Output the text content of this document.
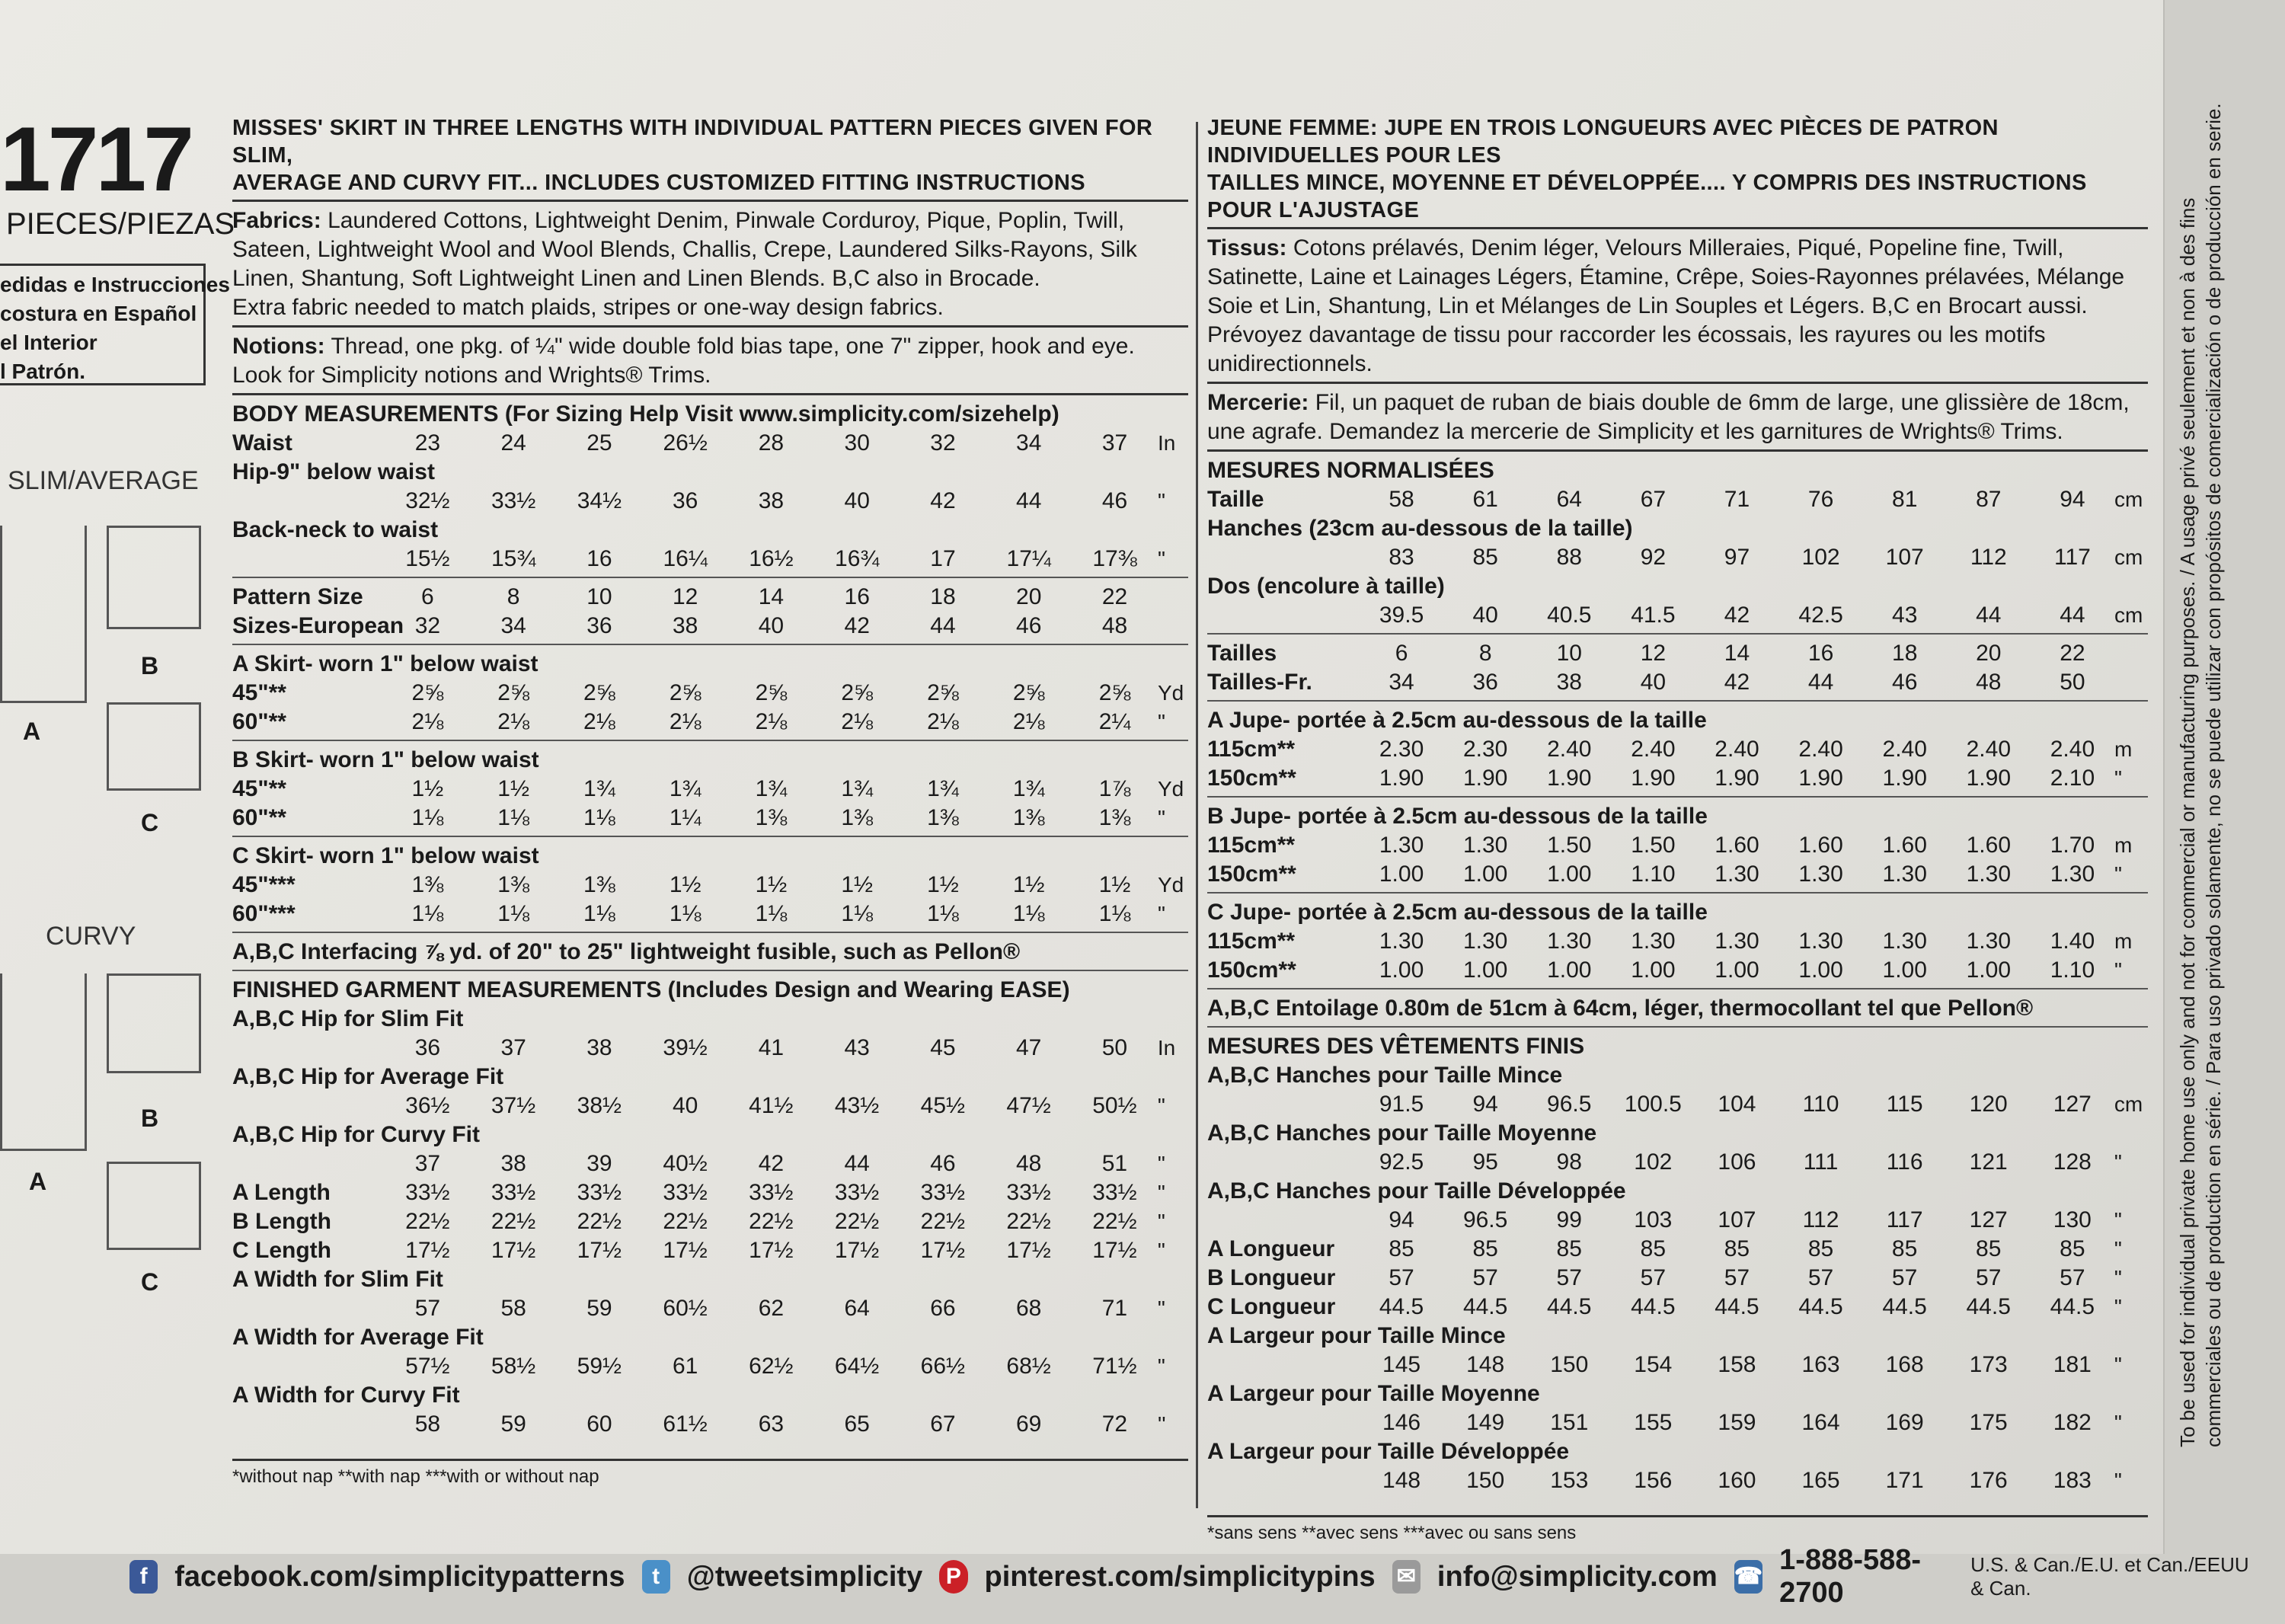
1717
PIECES/PIEZAS
edidas e Instrucciones
costura en Español
el Interior
l Patrón.
SLIM/AVERAGE
A
B
C
CURVY
A
B
C
MISSES' SKIRT IN THREE LENGTHS WITH INDIVIDUAL PATTERN PIECES GIVEN FOR SLIM,
AVERAGE AND CURVY FIT... INCLUDES CUSTOMIZED FITTING INSTRUCTIONS
Fabrics: Laundered Cottons, Lightweight Denim, Pinwale Corduroy, Pique, Poplin, Twill, Sateen, Lightweight Wool and Wool Blends, Challis, Crepe, Laundered Silks-Rayons, Silk Linen, Shantung, Soft Lightweight Linen and Linen Blends. B,C also in Brocade.
Extra fabric needed to match plaids, stripes or one-way design fabrics.
Notions: Thread, one pkg. of ¼" wide double fold bias tape, one 7" zipper, hook and eye.
Look for Simplicity notions and Wrights® Trims.
BODY MEASUREMENTS (For Sizing Help Visit www.simplicity.com/sizehelp)
Waist	23	24	25	26½	28	30	32	34	37	In
Hip-9" below waist										
	32½	33½	34½	36	38	40	42	44	46	"
Back-neck to waist										
	15½	15¾	16	16¼	16½	16¾	17	17¼	17⅜	"
Pattern Size	6	8	10	12	14	16	18	20	22	
Sizes-European	32	34	36	38	40	42	44	46	48	
A Skirt- worn 1" below waist
45"**	2⅝	2⅝	2⅝	2⅝	2⅝	2⅝	2⅝	2⅝	2⅝	Yd
60"**	2⅛	2⅛	2⅛	2⅛	2⅛	2⅛	2⅛	2⅛	2¼	"
B Skirt- worn 1" below waist
45"**	1½	1½	1¾	1¾	1¾	1¾	1¾	1¾	1⅞	Yd
60"**	1⅛	1⅛	1⅛	1¼	1⅜	1⅜	1⅜	1⅜	1⅜	"
C Skirt- worn 1" below waist
45"***	1⅜	1⅜	1⅜	1½	1½	1½	1½	1½	1½	Yd
60"***	1⅛	1⅛	1⅛	1⅛	1⅛	1⅛	1⅛	1⅛	1⅛	"
A,B,C Interfacing ⅞ yd. of 20" to 25" lightweight fusible, such as Pellon®
FINISHED GARMENT MEASUREMENTS (Includes Design and Wearing EASE)
A,B,C Hip for Slim Fit										
	36	37	38	39½	41	43	45	47	50	In
A,B,C Hip for Average Fit										
	36½	37½	38½	40	41½	43½	45½	47½	50½	"
A,B,C Hip for Curvy Fit										
	37	38	39	40½	42	44	46	48	51	"
A Length	33½	33½	33½	33½	33½	33½	33½	33½	33½	"
B Length	22½	22½	22½	22½	22½	22½	22½	22½	22½	"
C Length	17½	17½	17½	17½	17½	17½	17½	17½	17½	"
A Width for Slim Fit										
	57	58	59	60½	62	64	66	68	71	"
A Width for Average Fit										
	57½	58½	59½	61	62½	64½	66½	68½	71½	"
A Width for Curvy Fit										
	58	59	60	61½	63	65	67	69	72	''
*without nap **with nap ***with or without nap
JEUNE FEMME: JUPE EN TROIS LONGUEURS AVEC PIÈCES DE PATRON INDIVIDUELLES POUR LES
TAILLES MINCE, MOYENNE ET DÉVELOPPÉE.... Y COMPRIS DES INSTRUCTIONS POUR L'AJUSTAGE
Tissus: Cotons prélavés, Denim léger, Velours Milleraies, Piqué, Popeline fine, Twill, Satinette, Laine et Lainages Légers, Étamine, Crêpe, Soies-Rayonnes prélavées, Mélange Soie et Lin, Shantung, Lin et Mélanges de Lin Souples et Légers. B,C en Brocart aussi. Prévoyez davantage de tissu pour raccorder les écossais, les rayures ou les motifs unidirectionnels.
Mercerie: Fil, un paquet de ruban de biais double de 6mm de large, une glissière de 18cm, une agrafe. Demandez la mercerie de Simplicity et les garnitures de Wrights® Trims.
MESURES NORMALISÉES
Taille	58	61	64	67	71	76	81	87	94	cm
Hanches (23cm au-dessous de la taille)										
	83	85	88	92	97	102	107	112	117	cm
Dos (encolure à taille)										
	39.5	40	40.5	41.5	42	42.5	43	44	44	cm
Tailles	6	8	10	12	14	16	18	20	22	
Tailles-Fr.	34	36	38	40	42	44	46	48	50	
A Jupe- portée à 2.5cm au-dessous de la taille
115cm**	2.30	2.30	2.40	2.40	2.40	2.40	2.40	2.40	2.40	m
150cm**	1.90	1.90	1.90	1.90	1.90	1.90	1.90	1.90	2.10	"
B Jupe- portée à 2.5cm au-dessous de la taille
115cm**	1.30	1.30	1.50	1.50	1.60	1.60	1.60	1.60	1.70	m
150cm**	1.00	1.00	1.00	1.10	1.30	1.30	1.30	1.30	1.30	"
C Jupe- portée à 2.5cm au-dessous de la taille
115cm**	1.30	1.30	1.30	1.30	1.30	1.30	1.30	1.30	1.40	m
150cm**	1.00	1.00	1.00	1.00	1.00	1.00	1.00	1.00	1.10	"
A,B,C Entoilage 0.80m de 51cm à 64cm, léger, thermocollant tel que Pellon®
MESURES DES VÊTEMENTS FINIS
A,B,C Hanches pour Taille Mince										
	91.5	94	96.5	100.5	104	110	115	120	127	cm
A,B,C Hanches pour Taille Moyenne										
	92.5	95	98	102	106	111	116	121	128	"
A,B,C Hanches pour Taille Développée										
	94	96.5	99	103	107	112	117	127	130	"
A Longueur	85	85	85	85	85	85	85	85	85	"
B Longueur	57	57	57	57	57	57	57	57	57	"
C Longueur	44.5	44.5	44.5	44.5	44.5	44.5	44.5	44.5	44.5	"
A Largeur pour Taille Mince										
	145	148	150	154	158	163	168	173	181	"
A Largeur pour Taille Moyenne										
	146	149	151	155	159	164	169	175	182	"
A Largeur pour Taille Développée										
	148	150	153	156	160	165	171	176	183	"
*sans sens **avec sens ***avec ou sans sens
To be used for individual private home use only and not for commercial or manufacturing purposes. / A usage privé seulement et non à des fins commerciales ou de production en série. / Para uso privado solamente, no se puede utilizar con propósitos de comercialización o de producción en serie.
f facebook.com/simplicitypatterns	t @tweetsimplicity P pinterest.com/simplicitypins ✉ info@simplicity.com ☎
1-888-588-2700
U.S. & Can./E.U. et Can./EEUU & Can.
